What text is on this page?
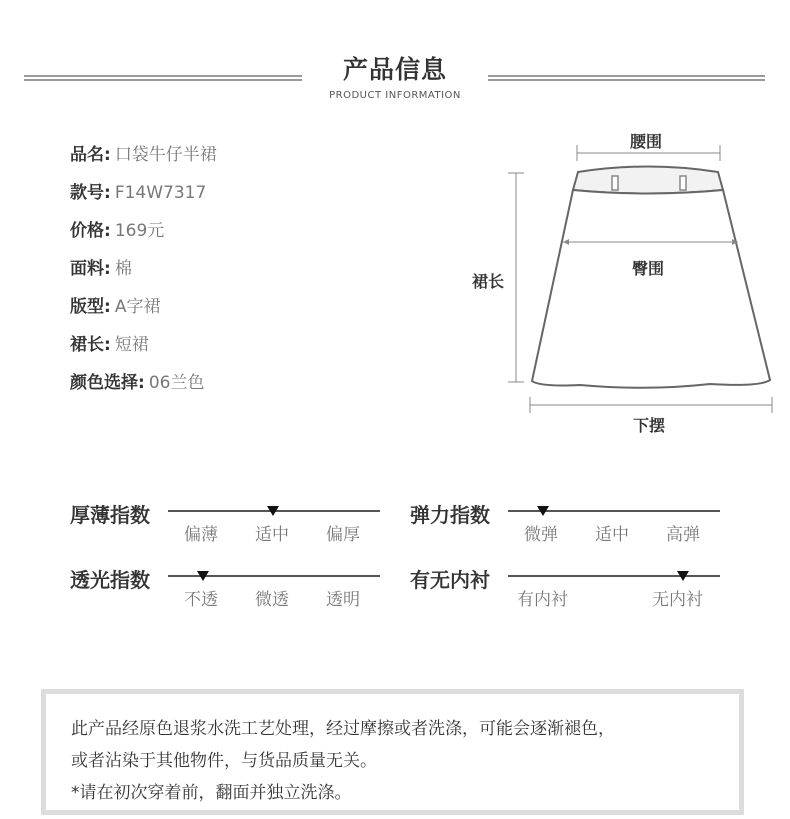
产品信息
PRODUCT INFORMATION
品名: 口袋牛仔半裙
款号: F14W7317
价格: 169元
面料: 棉
版型: A字裙
裙长: 短裙
颜色选择: 06兰色
腰围
臀围
裙长
下摆
厚薄指数
偏薄 适中 偏厚
弹力指数
微弹 适中 高弹
透光指数
不透 微透 透明
有无内衬
有内衬	无内衬
此产品经原色退浆水洗工艺处理，经过摩擦或者洗涤，可能会逐渐褪色，
或者沾染于其他物件，与货品质量无关。
*请在初次穿着前，翻面并独立洗涤。
